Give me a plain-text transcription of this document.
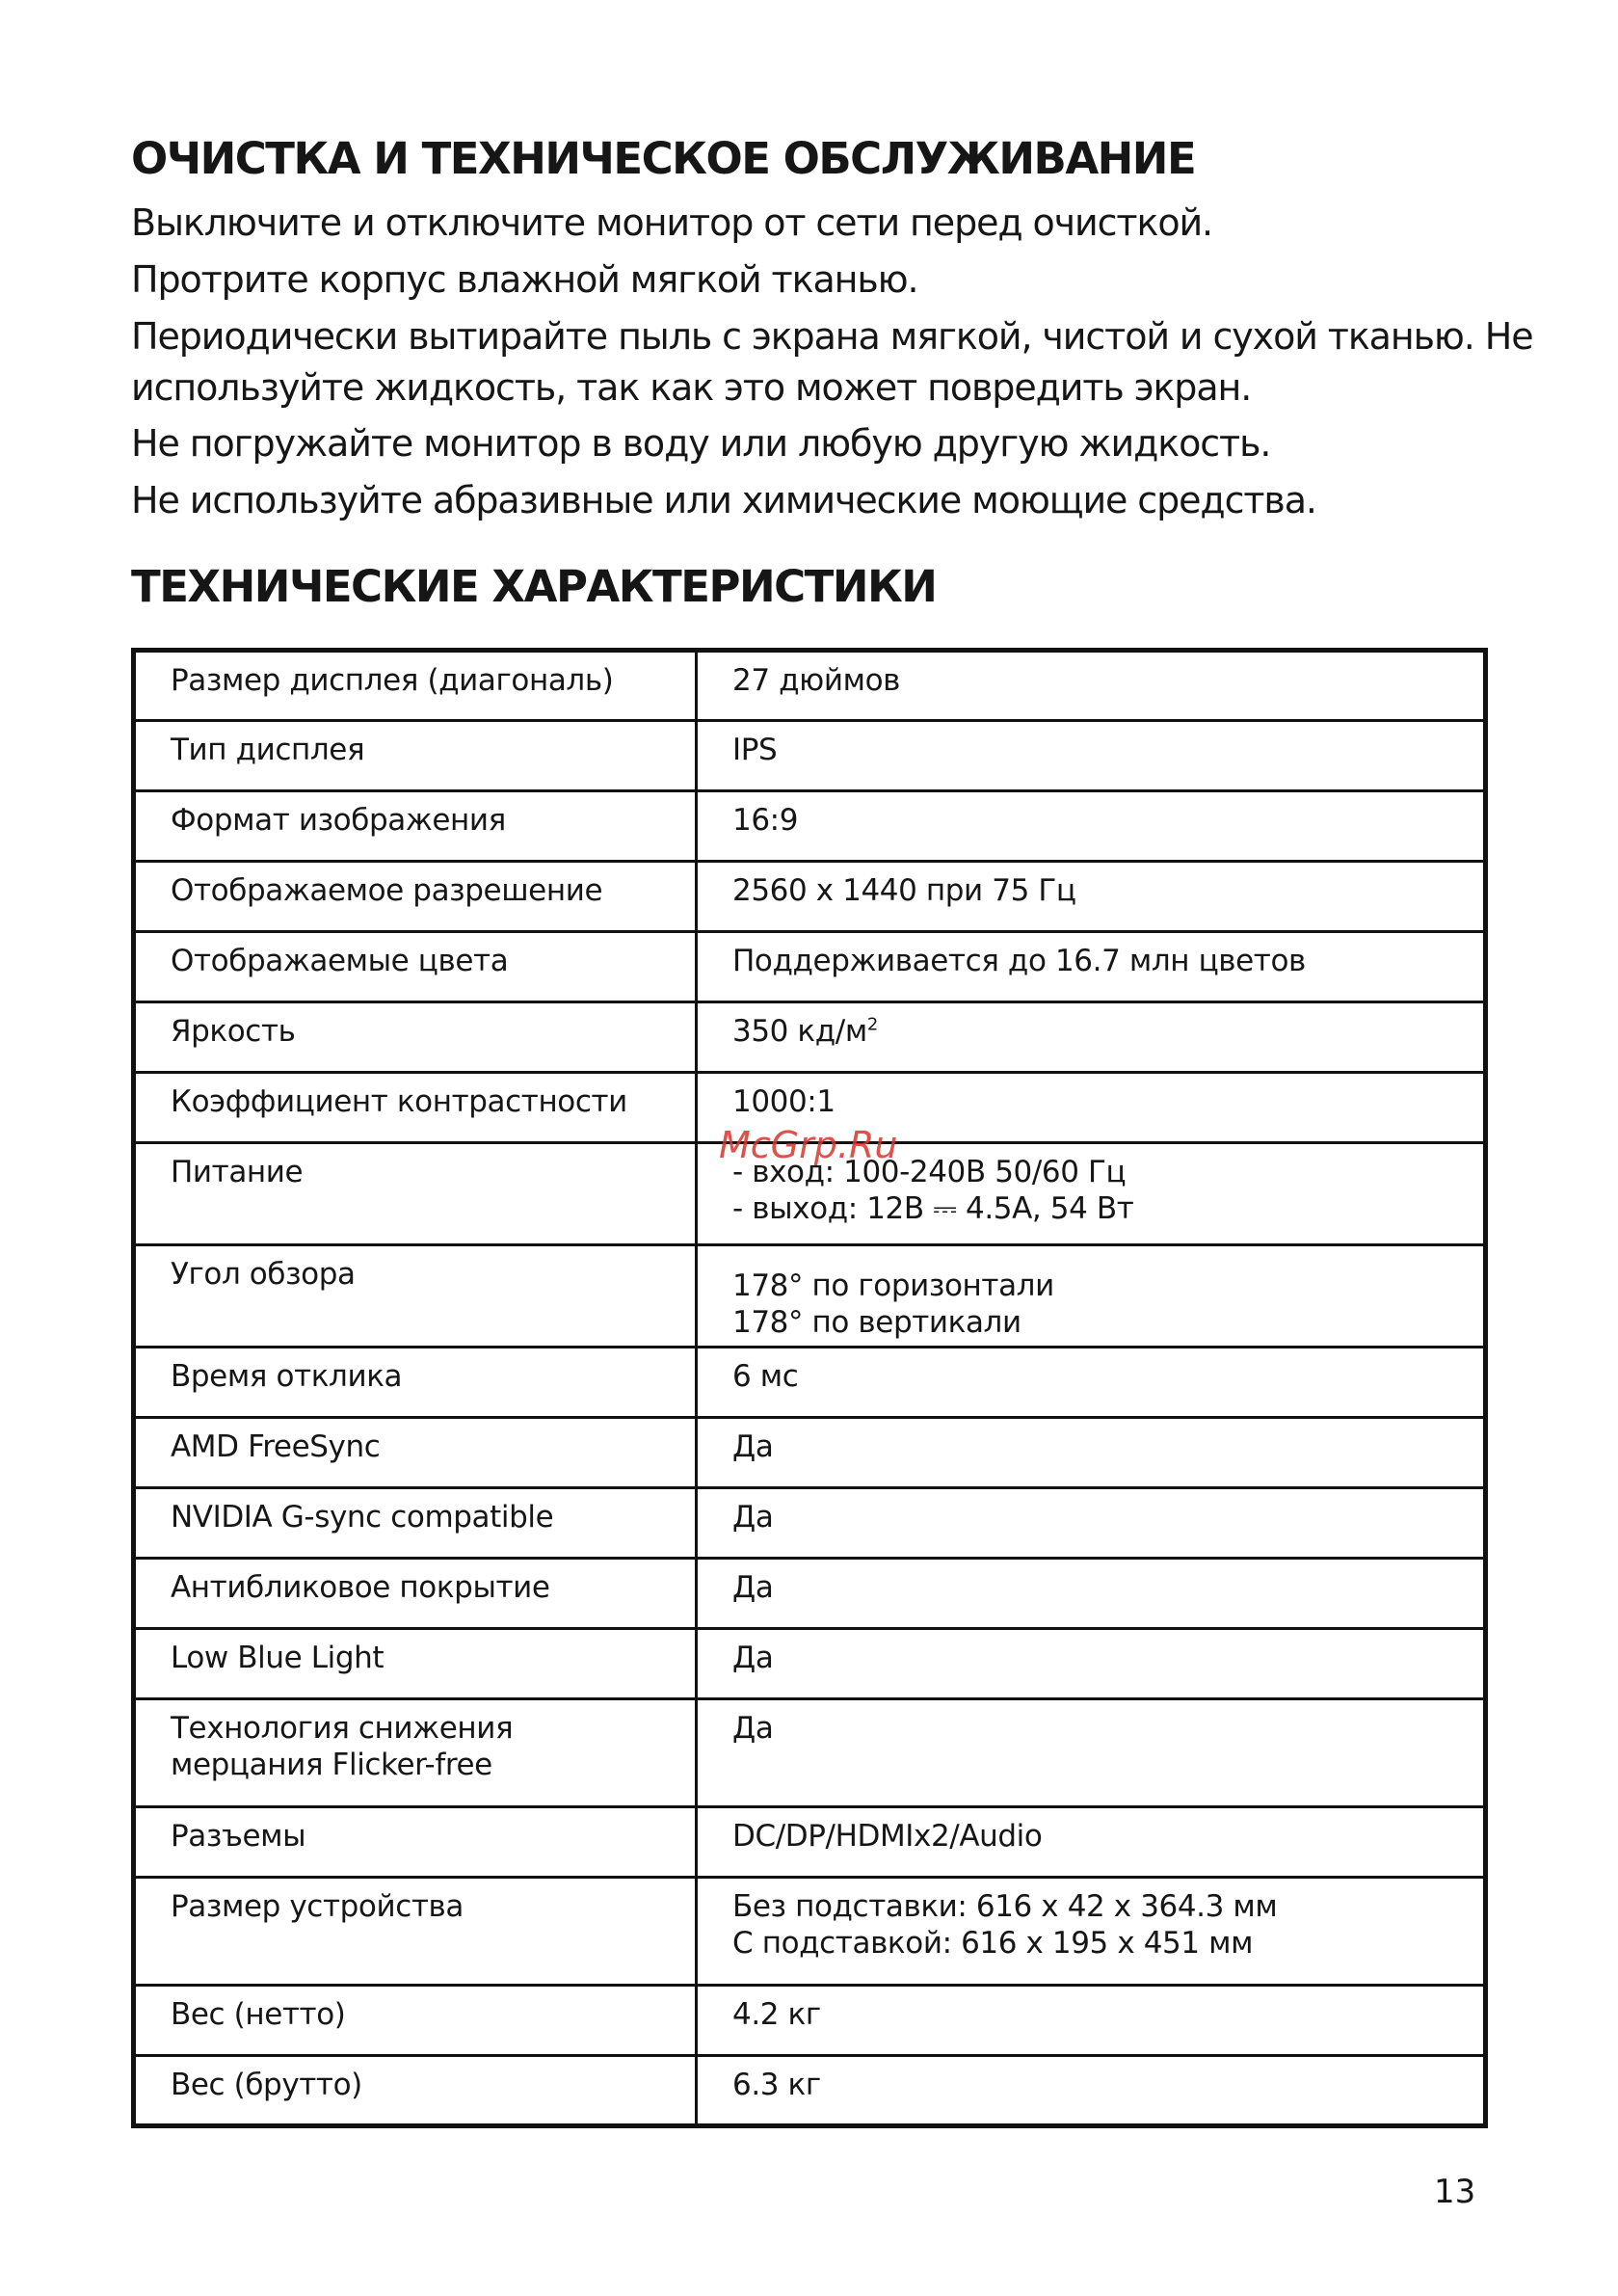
ОЧИСТКА И ТЕХНИЧЕСКОЕ ОБСЛУЖИВАНИЕ

Выключите и отключите монитор от сети перед очисткой.

Протрите корпус влажной мягкой тканью.

Периодически вытирайте пыль с экрана мягкой, чистой и сухой тканью. Не используйте жидкость, так как это может повредить экран.

Не погружайте монитор в воду или любую другую жидкость.

Не используйте абразивные или химические моющие средства.

ТЕХНИЧЕСКИЕ ХАРАКТЕРИСТИКИ
Размер дисплея (диагональ)	27 дюймов
Тип дисплея	IPS
Формат изображения	16:9
Отображаемое разрешение	2560 x 1440 при 75 Гц
Отображаемые цвета	Поддерживается до 16.7 млн цветов
Яркость	350 $кд/м^2$
Коэффициент контрастности	1000:1
Питание	- вход: 100-240В 50/60 Гц
- выход: 12В ⎓ 4.5А, 54 Вт

Угол обзора	178° по горизонтали
178° по вертикали

Время отклика	6 мс
AMD FreeSync	Да
NVIDIA G-sync compatible	Да
Антибликовое покрытие	Да
Low Blue Light	Да

Технология снижения
мерцания Flicker-free	Да
Разъемы	DC/DP/HDMIx2/Audio
Размер устройства	Без подставки: 616 x 42 x 364.3 мм
С подставкой: 616 x 195 x 451 мм

Вес (нетто)	4.2 кг
Вес (брутто)	6.3 кг
McGrp.Ru
13
